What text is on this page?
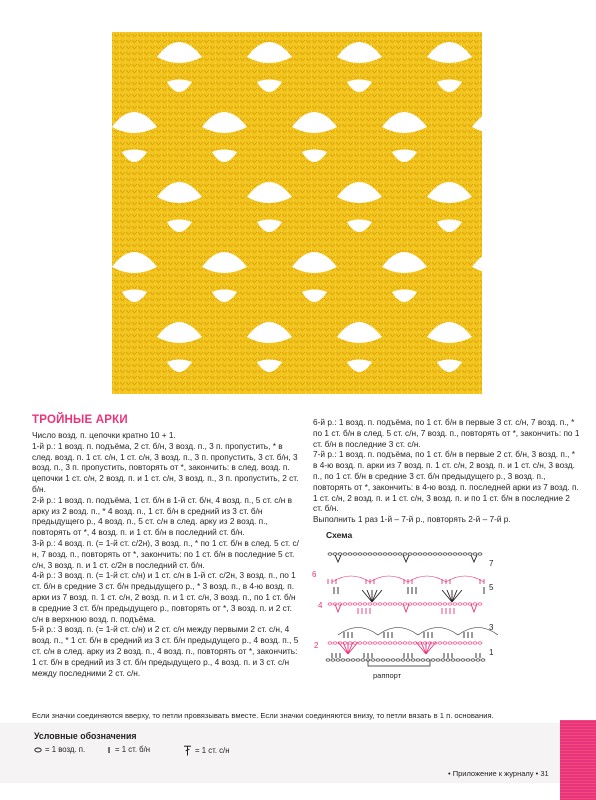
ТРОЙНЫЕ АРКИ

Число возд. п. цепочки кратно 10 + 1.

1-й р.: 1 возд. п. подъёма, 2 ст. б/н, 3 возд. п., 3 п. пропустить, * в след. возд. п. 1 ст. с/н, 1 ст. с/н, 3 возд. п., 3 п. пропустить, 3 ст. б/н, 3 возд. п., 3 п. пропустить, повторять от *, закончить: в след. возд. п. цепочки 1 ст. с/н, 2 возд. п. и 1 ст. с/н, 3 возд. п., 3 п. пропустить, 2 ст. б/н.

2-й р.: 1 возд. п. подъёма, 1 ст. б/н в 1-й ст. б/н, 4 возд. п., 5 ст. с/н в арку из 2 возд. п., * 4 возд. п., 1 ст. б/н в средний из 3 ст. б/н предыдущего р., 4 возд. п., 5 ст. с/н в след. арку из 2 возд. п., повторять от *, 4 возд. п. и 1 ст. б/н в последний ст. б/н.

3-й р.: 4 возд. п. (= 1-й ст. с/2н), 3 возд. п., * по 1 ст. б/н в след. 5 ст. с/н, 7 возд. п., повторять от *, закончить: по 1 ст. б/н в последние 5 ст. с/н, 3 возд. п. и 1 ст. с/2н в последний ст. б/н.

4-й р.: 3 возд. п. (= 1-й ст. с/н) и 1 ст. с/н в 1-й ст. с/2н, 3 возд. п., по 1 ст. б/н в средние 3 ст. б/н предыдущего р., * 3 возд. п., в 4-ю возд. п. арки из 7 возд. п. 1 ст. с/н, 2 возд. п. и 1 ст. с/н, 3 возд. п., по 1 ст. б/н в средние 3 ст. б/н предыдущего р., повторять от *, 3 возд. п. и 2 ст. с/н в верхнюю возд. п. подъёма.

5-й р.: 3 возд. п. (= 1-й ст. с/н) и 2 ст. с/н между первыми 2 ст. с/н, 4 возд. п., * 1 ст. б/н в средний из 3 ст. б/н предыдущего р., 4 возд. п., 5 ст. с/н в след. арку из 2 возд. п., 4 возд. п., повторять от *, закончить: 1 ст. б/н в средний из 3 ст. б/н предыдущего р., 4 возд. п. и 3 ст. с/н между последними 2 ст. с/н.

6-й р.: 1 возд. п. подъёма, по 1 ст. б/н в первые 3 ст. с/н, 7 возд. п., * по 1 ст. б/н в след. 5 ст. с/н, 7 возд. п., повторять от *, закончить: по 1 ст. б/н в последние 3 ст. с/н.

7-й р.: 1 возд. п. подъёма, по 1 ст. б/н в первые 2 ст. б/н, 3 возд. п., * в 4-ю возд. п. арки из 7 возд. п. 1 ст. с/н, 2 возд. п. и 1 ст. с/н, 3 возд. п., по 1 ст. б/н в средние 3 ст. б/н предыдущего р., 3 возд. п., повторять от *, закончить: в 4-ю возд. п. последней арки из 7 возд. п. 1 ст. с/н, 2 возд. п. и 1 ст. с/н, 3 возд. п. и по 1 ст. б/н в последние 2 ст. б/н.

Выполнить 1 раз 1-й – 7-й р., повторять 2-й – 7-й р.

Схема
6
4
2
7
5
3
1
раппорт
Если значки соединяются вверху, то петли провязывать вместе. Если значки соединяются внизу, то петли вязать в 1 п. основания.
Условные обозначения
= 1 возд. п.	= 1 ст. б/н	= 1 ст. с/н
• Приложение к журналу • 31
